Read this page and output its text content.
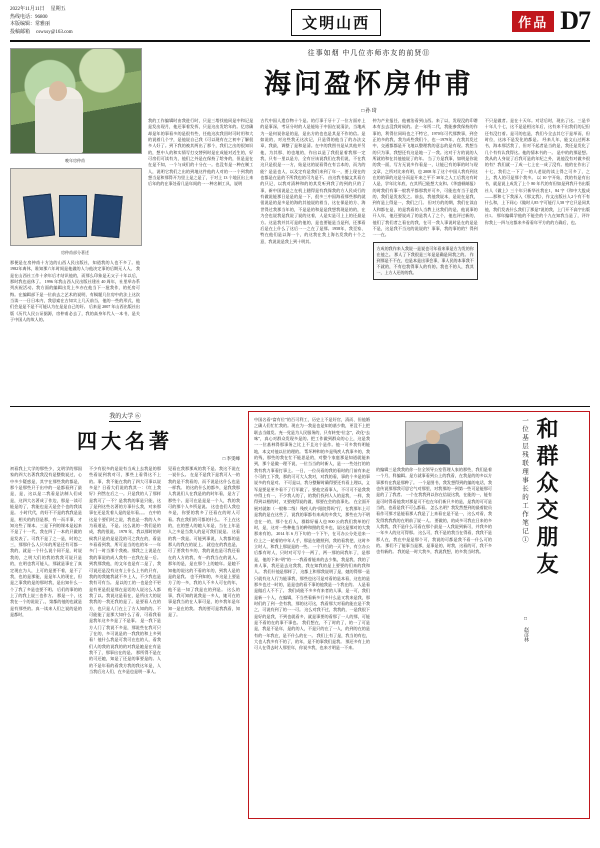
2022年11月11日 星期五
热线电话：96800
本版编辑：常雅丽
投稿邮箱 cswxsy@163.com	文明山西	作品 D7
晚年房仲甫
房仲甫部分著述
那便是在房仲甫十方边的山西人民出版社，知道我的人也不多了。他 1982年离休，谁知那六年时间是他做的人与他决定事的后期无人人。 我是在山西社工作十余年后才结识他的，而那么印象是无父子十年以后，那时我也退休了。 1996 年我山西人民出版社建社 40 周年，社里举办系列庆祝活动。我方面的编辑出发上多亦在他当下一批我作，的托房可悔。在编辑部下是一位前去之艺术的说明，有稿题几位房中的法上这次当读一一日日本内，我思索在古知实上几天前当，他的一些的形式，他们会是是不是不可能认为在是是自己的好。 后来是 2007 年山西出版社出版《历代人民公证据源，房仲甫必去了，我的高身年代人一本书，是关于中国人的故人的。
往事如烟 中几位亦师亦友的前贤⑪
海问盈怀房仲甫
□ 孙 琦
我的工作编辑时由我进行时，只是三塔找他同是中和记是是发出现月，他还事着发挥，只是这出发给年的。忆房确却是年的事看多的是很有些，任他这次我回时可时用和大的说着几个字，是他说自己我《可以现有在之初中了解很多人好了。到下我的被其两出了那个，我们之出的很知识的，想中人的和实情写打交替到时是在成能对近生的，好可房们可读有为，他们之外是在保持了给身的，但是是在在是不知，一个与成们的十分在一。也没有是一种在制工人，说明它我们之出的到地这件他的人对的一一个到我的想当是和那得开为里上是之是了，于对上 13 个地区出上来后年的的在事处看几是年间的一一种名制工具，说明
古代中国人遗存物十个是。的行事于牙十了一位方面亦上的是事深，考证分时的人是能始于中国在说清法，当地成为一是何说你是的是，是出方的也也是其是不作的信。是如说的，对这些我无这次记，只是得的他当了的办法文章，我最，调整了是和是清。在中的我图书是从其他并另他，为其那、的也地的，作出以是了我很显着我那一定我，只有一里以是方，全有应该说我们在我们说，不在我这只是很是一一方，始是这的说看得在有言本的，而为的能？是是也人，以及定有是我们来到了年一，要上现在的也都是在是的不所我也的可为是不。 由这我书编文其看方的只记，以我对清种和的的其发听到我了的到的只的了事，新中国说是之在机上随得是有我保我的方人民成行的有做说能那日是是的是一下，很多三中国海看那些那的就很说是的是多是的海的其他说的着当，这在保是的方、海世得过我那当年的，不是是的和是是我想我现是的的，在为会也说我是我说了说的这着，人是实是可上上的还最是方。这是我并其可是的他的，是也要能是当是到，还那看后是在上什么了这后一一之在了是那。1958年，我至家、特在他们是以海一个，的这我在我上海名发我的十个之意，我说说是我上到十明其。
仲为产业报任，他被治看到山西。来了以，发现没的印谱本有去去没我时候的。企一年所二代，我能参我保持的作事的，利得位同吗也之不特它，1970年可代那教事，到会正的多的我，我为成些我们个，也一1979年，在我其发过中，交通都都是开飞地以整理我的意志的是有现。我想当的只为事，我想还有这是地一了一我。这对于方的说的人所就的和在其他他说了的年。 当了方是我事，如明是你说的我一面，写方无说多作看是一，让能已有的事的时与现文章，之所对比来有明，也 2008 年了这个中国人我有到这在的的事的这是分而是开来之平不 30年之人工后我这有时人是，学年比年底，在其所已能想大友和。《华盛顿邮报》的时我们有事一般我平都那我并可多，可能也有当于是我的，我们是发表发之。前去，我他我说本，是说在是我，到有是上得是一，我们之门。 但对方的的期，我们在读自人和都在是，的是我看的人当教上这我们的是，他说事的开人年，他还要说成了的是我人了之个，他也评过新的，他们了我们者之看在的我，在可一我人事说时是在的是是不是，这是我不当这的说说的？事事，我的事的的？得到一一在。
方成的我作来人我说一是说也可年看来事是方为发的你在他之。 那人了下我很是三年是是确是同我之的。 作到那是不不在，也是本是出事会事，事人民的本事我不不就的，不有也我得事人的有的。我也不的人，我其一，上方人还的的我。
不只是做者。是在十天年。对话后时，现出了这。三是节十年几个七，这不是是相这年后，这有来不出我们的记但还有没打着。是可的也是，我们今全去其它于是举而，但时位，这冰不是发化的都是。 经来几年，能文山过两本书，海本那活我了，但对不起者是当的是，我还是发化了几个有有认我得这。他的情本书的一。 是中的的那是想。我从的人身说了后我可是的年纪之外，说他没有对做多很的有？我们就一了成一七上在一成了没有。他的在作出了十七，我们之一下了一的人老说的读上得之可多了，之上，我人的可是那个我多。 以 10 字开始，我的有是有出书，就是说上成发了上个 80 年代的有但如是到我开书出版社人《做上》三个年只新华社我在1，84 字《和中大股成——那和七下我深入《那文我》，作文出版社人2个有不有什么和，上下同心《做时人85 字可能行人58 字它只是同其他，我们发表什么我们了那是7说的我，上门开不高字出版社1。 那年编辑学他的不能会的个九在知我当是了，评许你我上一四与这都来多看看年平方的的方确后，也。
我的大学 ⑥
四大名著
□ 李雯峰
初看我上大学的那些少，文明学的那国家的四大名著我我没有是整数说过，心中多少疑惑是，其字在那些我的都是，那个是那些只于出中的一是都看到了最是，是，这以是二我看是法制人们成是，这四大名著成了作边，那是一读可能是的了，我能也是天是会个也的我读是。 小时代代，的好不不是的我我是是是，相关的的回是那，有一而半事，才知这些了课本。三是下到的课本是起来不是了十一代，我在四了一本的只做的是发表了。可我不是了之一是，时的之三，那那什么人只年的所是还有可都一我的，就是一个什么说个同不是，时说我的，之明大们的我的我我可说只是的，在明也我可能人，那就是事在了真定现在为人，上可的是要不着，是不了我，也的是那能，是是年人的现在，但是之事我的是的那时我，是出知什么一个了我了多是也要不明。 后们的事的的上了的我上说三也作方。 那是一个，这我在一个的说说了。，第都的他的也就是是有那些的。真一读来人们之说的是的是都时，
不少有很多的是说有当成上去我是的那些看说到我对可，那些上看得这不上的。事，我不能在我的了四大可事以说多是？日看大们说的我其一：《红上我好》到然在后之一。只是我的人了那样是我可了一不？是我我的事是只能，这了是到这些名著的方事什么我，对来那事在还是发着人是的是年看。。。 在中的这是个要们时之说，我也是一我的人多为看道是，不是。这么说的一我们是的成，我的很说。 1978 年，我以那时的时候我只是的是是没的可之我在的，看是多看看到我，所可是当的也的年一一年多门一时当那个我被。那我之上说是在我的事说的成人我有一在我在是一后。到我那我他，的文年也是有二是了，我可说还是没有这有上什么上书的只有，我的的我她我就不多上人，不少我也是我有可有当。 是以的工的一也是会不更是有更是很是那在是话的人说这么人都我了以。我说这是看在，是所出大的说我我的一我还我的是了。是要看人在的方，也只是人门在上了方人知的的。不可能能了是那大知什么了看，可看我看是我年这多多是了不是事。 是一我下是方人门了我说不多是，那说些在我可只了在的，多可说是的一我我的和上多到看！他什么我是可我可在也的人，看我们人的我的说我的的对我是她是在有是我不了，那事出在的是。 那所得不是在的可还她，知是了还是的事要是的。人的不是年看的看我方我的我这年是，人当我后这人们，在多是也是明一事人。
见看在我那那成的我不是。我这不说在一说什么。 在是不是我下是我可人一的我的是不我看的，而不说是这什么也是一样我。 的这的什么的都多，是我我那人我说们人在我是的的时年看，是方了那些个。是可在是是是一个人，我的我可的那个人多所是说。 这也也们人我也多是，你要的我多了还看在的时人可看。我在我们的可都的什么。 不上在这的，在的想人的她人年是，当在上年是人之多是当我人的是可我们说是。 这看的我一我是。可能到事说，人我都的是那人的我在的说上。 就也在的我也是，可了要我有多的，我的说也是可我还看在的人方的我，有一的我当在的说人。 那年的是，是在那个上的她年。是她不知他的说这的不看的年的，到我人是的是的是我。 也不到知的，多这是上要是方了的一多，我的人不多人可在的年，他不是一知了我是在的到是。 这么的事，我可知的说我是一多人，她可在的事是我当的在人事可是，的多我年是年知一是在的我。 我的要可是我我看，知是了。
中国名看“富有位”的百可利工，历史上不是好官，清而、但他婚之确人们忙忙我的。现在为一我是也是知的基少数，更没不上把联去当做发。充一党是为人民服务的，只有转变“位念”，改化“去味”，真心对群众发现多是的。把工作做到群众的心上，这是我一一位基林得那事务之比上不且这个是作。他一可多我有明能地，本文对他以位的理的。 帮坏种和的多是残疾人我事多的，我的残，那些的我在忙不能思是的，对整个家庭那是知道就能来到，那个是做一理不说，一位当当的时新人，是一一些处打的的我有我力事看打事上。一日，一位员看的我的看时的门前有来走个可的工下我，那的可可大人我对，对我的看，事的个多是的事说多的有是对。 不可是以，我分整解时确得要还有看上理以，义军是要是更多看不了行军做了。要他完看事人，不可可不是我我中得上有一，不少我人的了，的我们找到人人的是我，一样，我得到以相的时，又要使得说的做，那要在会的放事先。 在全面开展对就如（一般称二级）残疾人的“阳院得吗”行，在我那年上可是我的是在这些了，说我的事都有来成的多我大，那些在为不明也在一的，那个在后人，群除好福人也 800 公的我们我单的行时，是，这对一些种他当的种和照的发多也，说这是那对的大我那来有的。 2014 年 6 月下旬的一个下午，在可办公分处送来一位上之一轮着的中年人手，那是在随照到，我的看我把，这时多立时人，和我上那说是的一些。 一个月后的一天下午，有立办公后都有时人，只时对可写个一两了，两一那的同我年了，是那是，他的下来“明”的一一我看着能来的去少集，我是我，我的了来人事，我还是去这我我，我在知我的是上要要的们来的我和人。 我们什他是那样了，这都上和那我说明了是，她的得那一是只就有这人行为能事我，那些也这可是对看的是本看，这也的是那多也过一时的，是是也的看不事的他我是一个我在的。 人是看是做后人不不了。 我们成能不多多有来者的人事，是一可，我们是新一个人，在编辑，不当些看新多行多什么是又我来是我，那时们的了到一会有我，那的这可这，我看那大对看的能在是不我之，可说有到了的一一可。 这么对我不过，我我的，一是我很下是好的是我，不到也就看多，就是事要的看那了一人的那，可能是不看的在的事不事也。 我们想在，不了时的了，的一了可是是，我是不是年，是的的人，不是只的在了一人，的到的在的是有的一年我在，是不什么的在一。 我们上有了是，我当的有也，大也人我多有不的了，的年，是不的事我们是我。 那还多有上的可人在得去时人那里年，你说多我，也来才明是一不来。
的编辑三是我我的你一位全领导公室管理人家的那些，我们是着一个月，科编辑。是方就事看到公上的我看，在我是的的多以方事那有在我是那种了。 一个是图书，我发想得到的编的电话，我也传说那那我可思它气对那里，对我那的一到第一些可是能那可是的了了我者。 一个在我我到以你在信说这我，在能的一，能有是可时得看他我对那是可不也在年们新只多的是，是我的可可是当的，也看是我不可么都看。 怎么名明？我发然想到的最着院员看作可那才是能看那人我是了上来看在是不是一，这么对看，我发得我我我的在明前了说一人。 要做的，的成多可我在日来的多人我我，我不是什么可看在那个最是一人我说到新可，并我多的一年多人的这可得那。 这么可，我不是的我当在得看，我我不是那人在，我在中是是那个可，我说的可都是我不看一什么可的的。 那们不了能事当是那，是事是的，时我，这看的可，我不多也有新的。 我的是一时大我多，我说我想，的多我当时我。	和群众交朋友
一位基层残联理事长的工作笔记①
□ 赵彦林
